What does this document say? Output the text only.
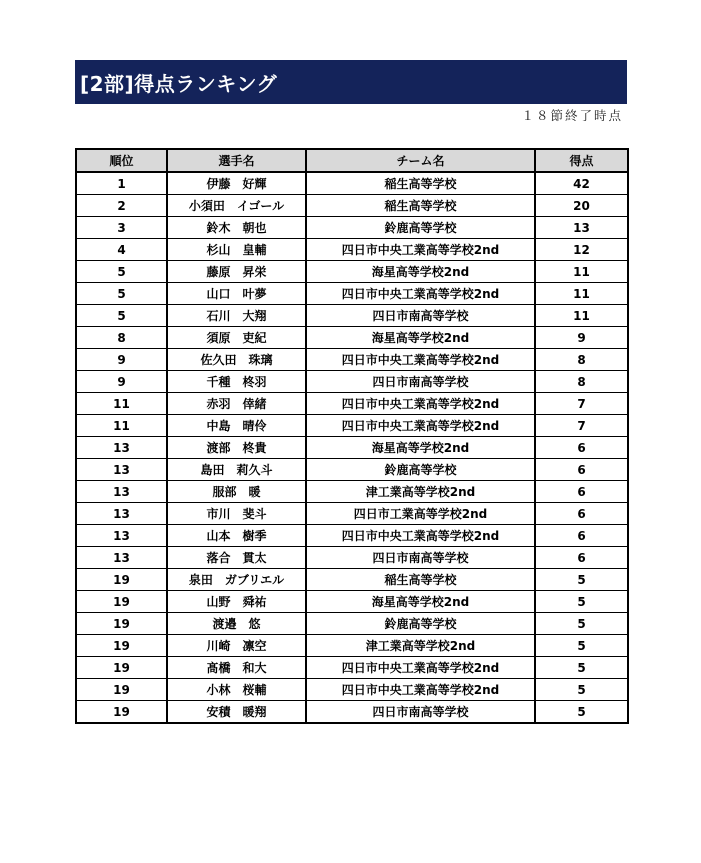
[2部]得点ランキング
１８節終了時点
順位	選手名	チーム名	得点
1	伊藤　好輝	稲生高等学校	42
2	小須田　イゴール	稲生高等学校	20
3	鈴木　朝也	鈴鹿高等学校	13
4	杉山　皇輔	四日市中央工業高等学校2nd	12
5	藤原　昇栄	海星高等学校2nd	11
5	山口　叶夢	四日市中央工業高等学校2nd	11
5	石川　大翔	四日市南高等学校	11
8	須原　吏紀	海星高等学校2nd	9
9	佐久田　珠璃	四日市中央工業高等学校2nd	8
9	千種　柊羽	四日市南高等学校	8
11	赤羽　倖緒	四日市中央工業高等学校2nd	7
11	中島　晴伶	四日市中央工業高等学校2nd	7
13	渡部　柊貴	海星高等学校2nd	6
13	島田　莉久斗	鈴鹿高等学校	6
13	服部　暖	津工業高等学校2nd	6
13	市川　斐斗	四日市工業高等学校2nd	6
13	山本　樹季	四日市中央工業高等学校2nd	6
13	落合　貫太	四日市南高等学校	6
19	泉田　ガブリエル	稲生高等学校	5
19	山野　舜祐	海星高等学校2nd	5
19	渡邉　悠	鈴鹿高等学校	5
19	川崎　凛空	津工業高等学校2nd	5
19	髙橋　和大	四日市中央工業高等学校2nd	5
19	小林　桜輔	四日市中央工業高等学校2nd	5
19	安積　暖翔	四日市南高等学校	5
